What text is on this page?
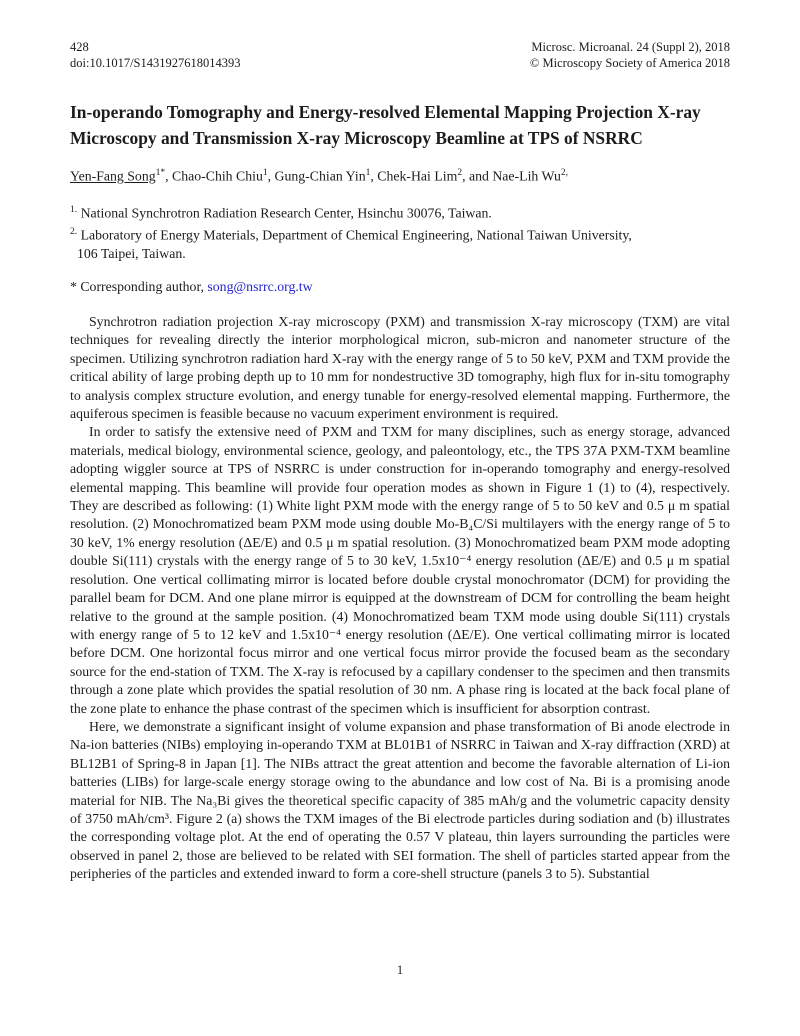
428
doi:10.1017/S1431927618014393
Microsc. Microanal. 24 (Suppl 2), 2018
© Microscopy Society of America 2018
In-operando Tomography and Energy-resolved Elemental Mapping Projection X-ray Microscopy and Transmission X-ray Microscopy Beamline at TPS of NSRRC
Yen-Fang Song$^{1*}$, Chao-Chih Chiu$^1$, Gung-Chian Yin$^1$, Chek-Hai Lim$^2$, and Nae-Lih $Wu^{2,}$
$^{1.}$ National Synchrotron Radiation Research Center, Hsinchu 30076, Taiwan.
$^{2.}$ Laboratory of Energy Materials, Department of Chemical Engineering, National Taiwan University,
106 Taipei, Taiwan.
* Corresponding author, song@nsrrc.org.tw

Synchrotron radiation projection X-ray microscopy (PXM) and transmission X-ray microscopy (TXM) are vital techniques for revealing directly the interior morphological micron, sub-micron and nanometer structure of the specimen. Utilizing synchrotron radiation hard X-ray with the energy range of 5 to 50 keV, PXM and TXM provide the critical ability of large probing depth up to 10 mm for nondestructive 3D tomography, high flux for in-situ tomography to analysis complex structure evolution, and energy tunable for energy-resolved elemental mapping. Furthermore, the aquiferous specimen is feasible because no vacuum experiment environment is required.

In order to satisfy the extensive need of PXM and TXM for many disciplines, such as energy storage, advanced materials, medical biology, environmental science, geology, and paleontology, etc., the TPS 37A PXM-TXM beamline adopting wiggler source at TPS of NSRRC is under construction for in-operando tomography and energy-resolved elemental mapping. This beamline will provide four operation modes as shown in Figure 1 (1) to (4), respectively. They are described as following: (1) White light PXM mode with the energy range of 5 to 50 keV and 0.5 μ m spatial resolution. (2) Monochromatized beam PXM mode using double Mo-B₄C/Si multilayers with the energy range of 5 to 30 keV, 1% energy resolution (ΔE/E) and 0.5 μ m spatial resolution. (3) Monochromatized beam PXM mode adopting double Si(111) crystals with the energy range of 5 to 30 keV, 1.5x10⁻⁴ energy resolution (ΔE/E) and 0.5 μ m spatial resolution. One vertical collimating mirror is located before double crystal monochromator (DCM) for providing the parallel beam for DCM. And one plane mirror is equipped at the downstream of DCM for controlling the beam height relative to the ground at the sample position. (4) Monochromatized beam TXM mode using double Si(111) crystals with energy range of 5 to 12 keV and 1.5x10⁻⁴ energy resolution (ΔE/E). One vertical collimating mirror is located before DCM. One horizontal focus mirror and one vertical focus mirror provide the focused beam as the secondary source for the end-station of TXM. The X-ray is refocused by a capillary condenser to the specimen and then transmits through a zone plate which provides the spatial resolution of 30 nm. A phase ring is located at the back focal plane of the zone plate to enhance the phase contrast of the specimen which is insufficient for absorption contrast.

Here, we demonstrate a significant insight of volume expansion and phase transformation of Bi anode electrode in Na-ion batteries (NIBs) employing in-operando TXM at BL01B1 of NSRRC in Taiwan and X-ray diffraction (XRD) at BL12B1 of Spring-8 in Japan [1]. The NIBs attract the great attention and become the favorable alternation of Li-ion batteries (LIBs) for large-scale energy storage owing to the abundance and low cost of Na. Bi is a promising anode material for NIB. The Na₃Bi gives the theoretical specific capacity of 385 mAh/g and the volumetric capacity density of 3750 mAh/cm³. Figure 2 (a) shows the TXM images of the Bi electrode particles during sodiation and (b) illustrates the corresponding voltage plot. At the end of operating the 0.57 V plateau, thin layers surrounding the particles were observed in panel 2, those are believed to be related with SEI formation. The shell of particles started appear from the peripheries of the particles and extended inward to form a core-shell structure (panels 3 to 5). Substantial

1
